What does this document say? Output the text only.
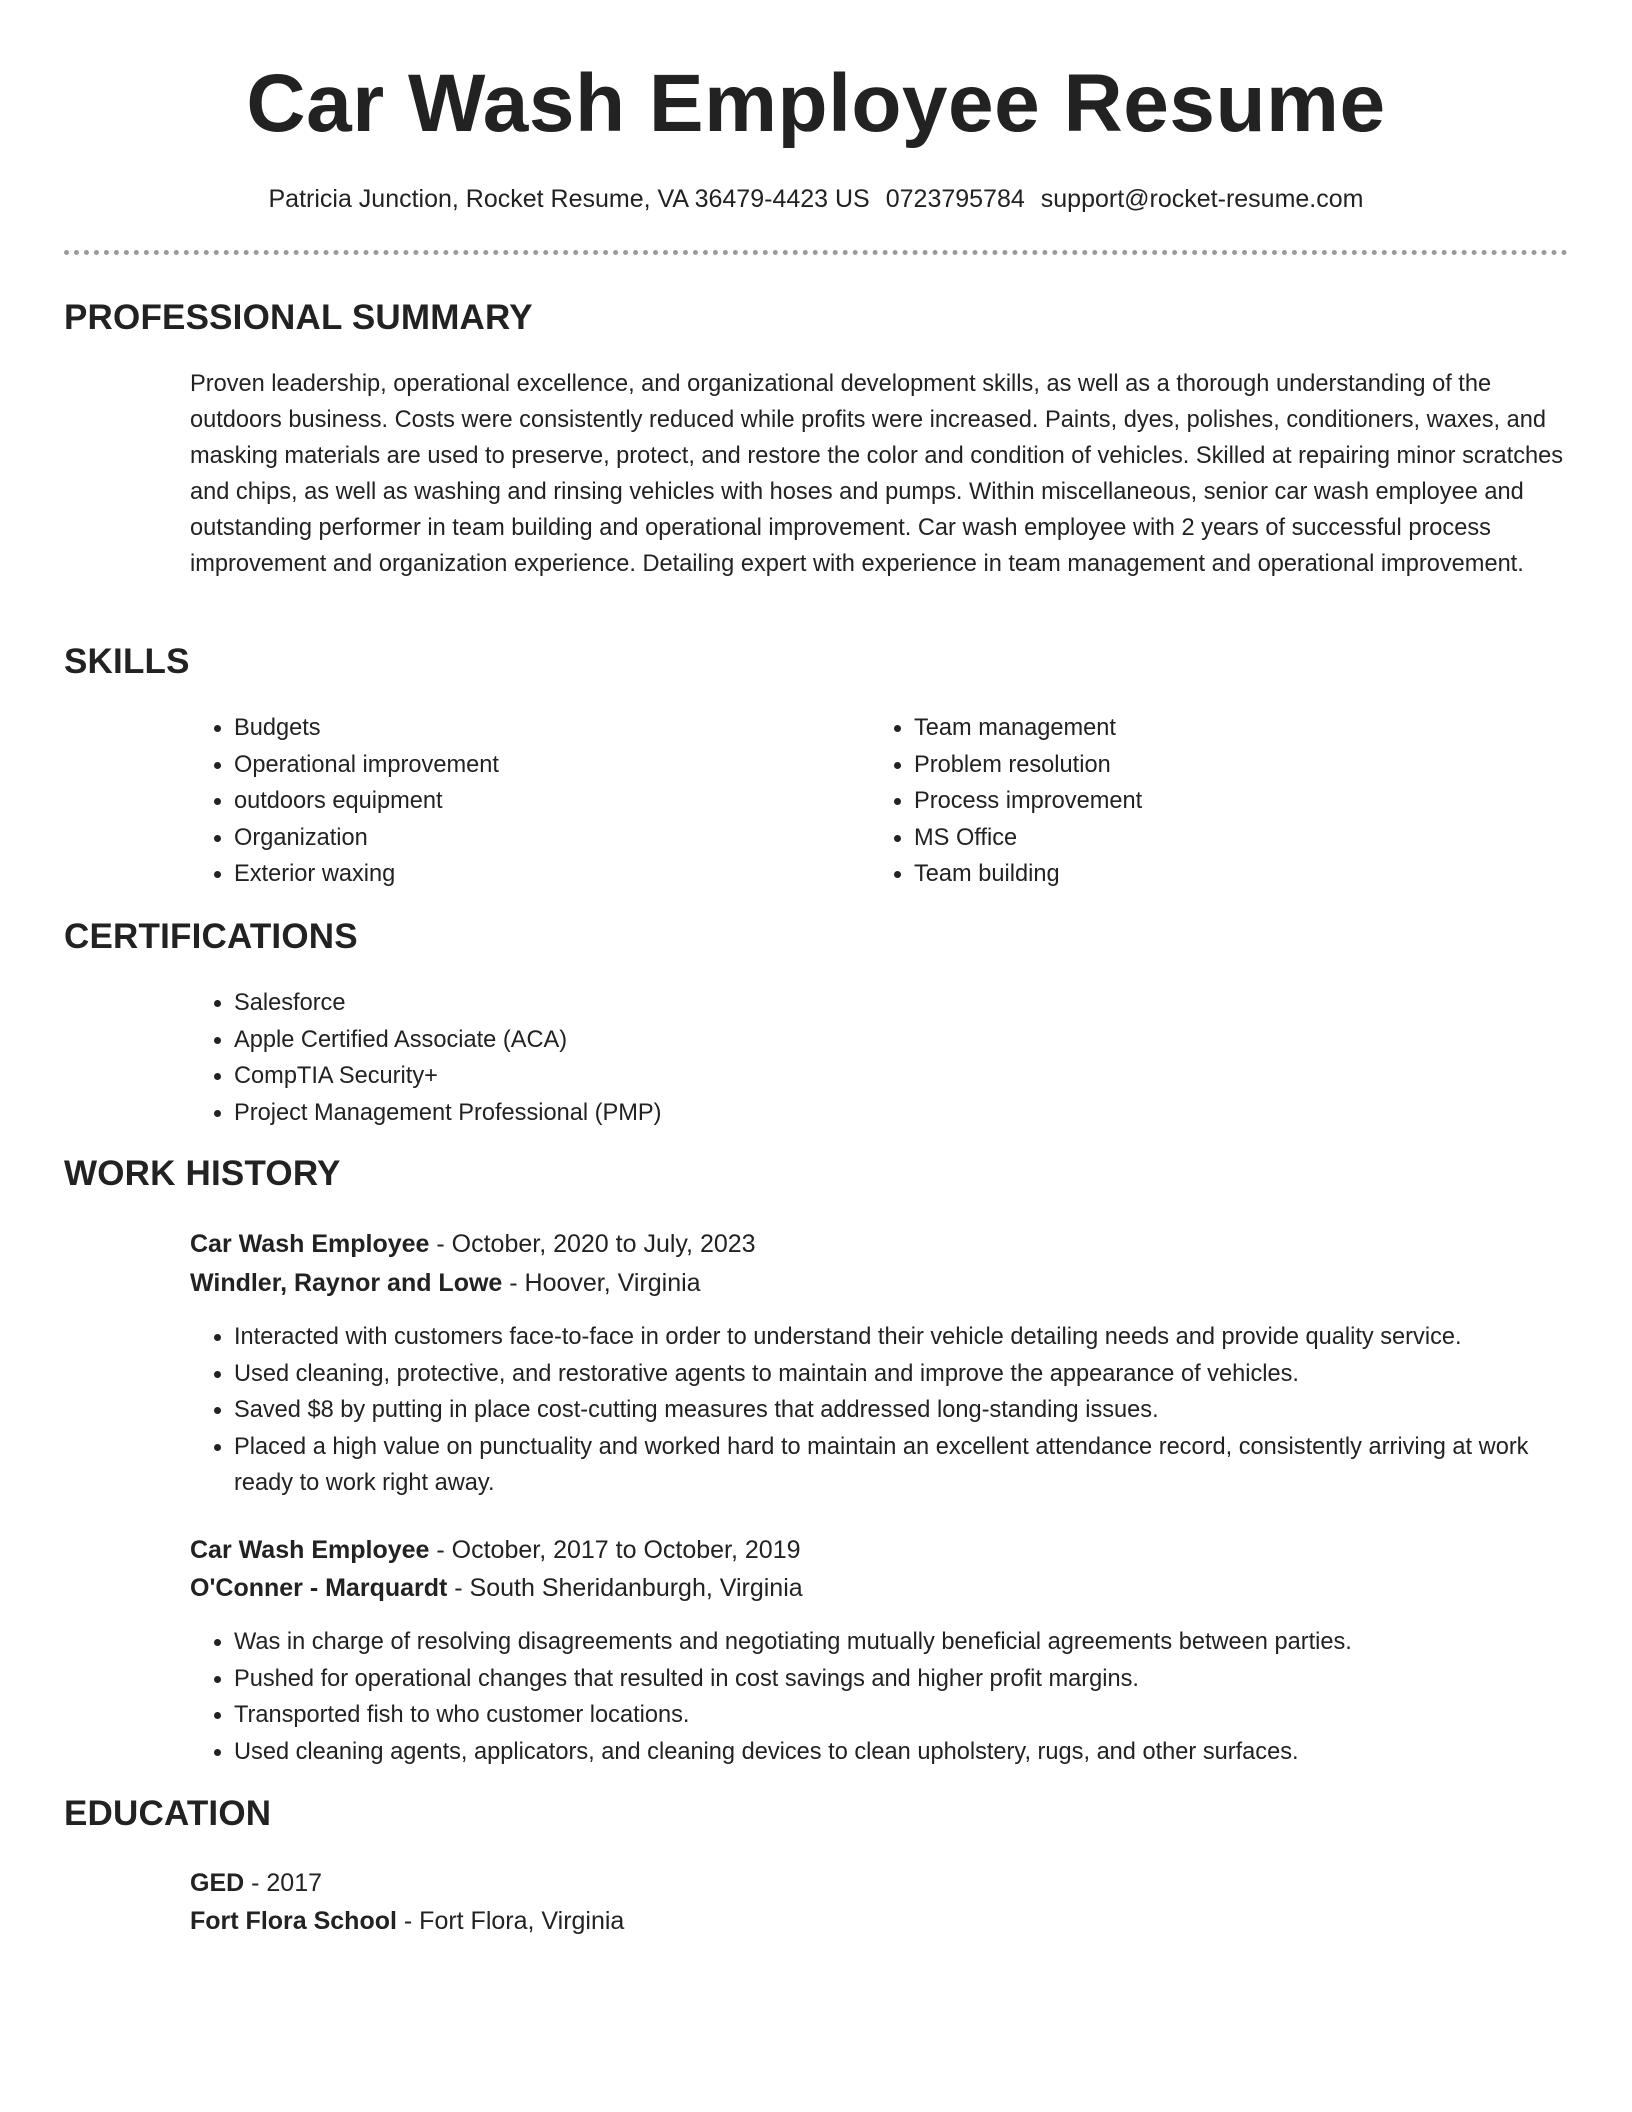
Car Wash Employee Resume

Patricia Junction, Rocket Resume, VA 36479-4423 US 0723795784 support@rocket-resume.com

PROFESSIONAL SUMMARY

Proven leadership, operational excellence, and organizational development skills, as well as a thorough understanding of the outdoors business. Costs were consistently reduced while profits were increased. Paints, dyes, polishes, conditioners, waxes, and masking materials are used to preserve, protect, and restore the color and condition of vehicles. Skilled at repairing minor scratches and chips, as well as washing and rinsing vehicles with hoses and pumps. Within miscellaneous, senior car wash employee and outstanding performer in team building and operational improvement. Car wash employee with 2 years of successful process improvement and organization experience. Detailing expert with experience in team management and operational improvement.

SKILLS
• Budgets
• Operational improvement
• outdoors equipment
• Organization
• Exterior waxing
• Team management
• Problem resolution
• Process improvement
• MS Office
• Team building
CERTIFICATIONS
• Salesforce
• Apple Certified Associate (ACA)
• CompTIA Security+
• Project Management Professional (PMP)
WORK HISTORY

Car Wash Employee - October, 2020 to July, 2023

Windler, Raynor and Lowe - Hoover, Virginia

• Interacted with customers face-to-face in order to understand their vehicle detailing needs and provide quality service.
• Used cleaning, protective, and restorative agents to maintain and improve the appearance of vehicles.
• Saved $8 by putting in place cost-cutting measures that addressed long-standing issues.
• Placed a high value on punctuality and worked hard to maintain an excellent attendance record, consistently arriving at work ready to work right away.

Car Wash Employee - October, 2017 to October, 2019

O'Conner - Marquardt - South Sheridanburgh, Virginia

• Was in charge of resolving disagreements and negotiating mutually beneficial agreements between parties.
• Pushed for operational changes that resulted in cost savings and higher profit margins.
• Transported fish to who customer locations.
• Used cleaning agents, applicators, and cleaning devices to clean upholstery, rugs, and other surfaces.
EDUCATION

GED - 2017

Fort Flora School - Fort Flora, Virginia
